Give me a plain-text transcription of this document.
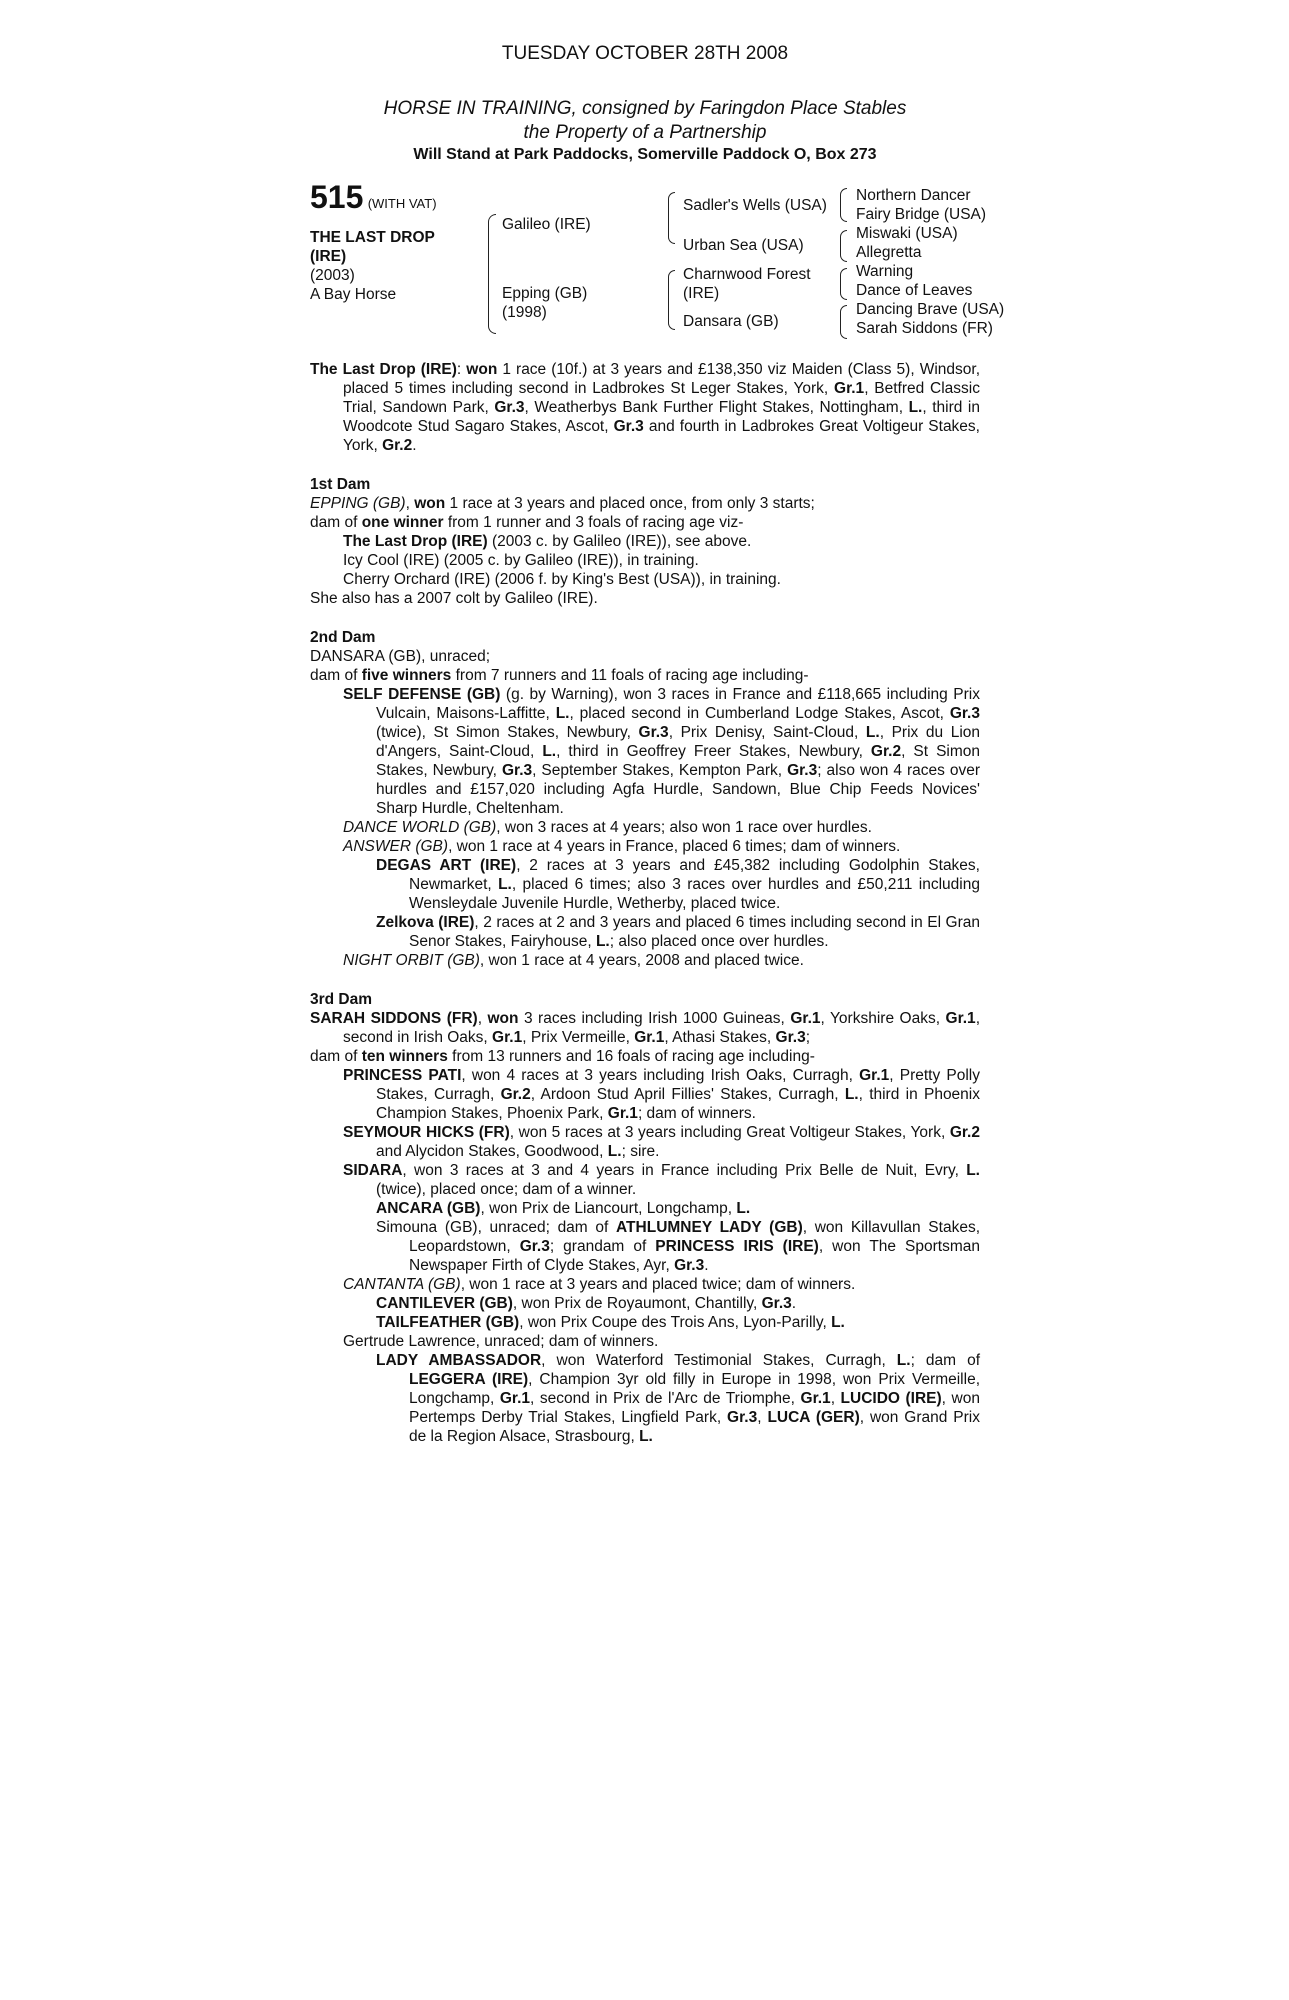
TUESDAY OCTOBER 28TH 2008
HORSE IN TRAINING, consigned by Faringdon Place Stables
the Property of a Partnership
Will Stand at Park Paddocks, Somerville Paddock O, Box 273
515 (WITH VAT)
THE LAST DROP
(IRE)
(2003)
A Bay Horse
Galileo (IRE)
Epping (GB)
(1998)
Sadler's Wells (USA)
Urban Sea (USA)
Charnwood Forest
(IRE)
Dansara (GB)
Northern Dancer
Fairy Bridge (USA)
Miswaki (USA)
Allegretta
Warning
Dance of Leaves
Dancing Brave (USA)
Sarah Siddons (FR)

The Last Drop (IRE): won 1 race (10f.) at 3 years and £138,350 viz Maiden (Class 5), Windsor, placed 5 times including second in Ladbrokes St Leger Stakes, York, Gr.1, Betfred Classic Trial, Sandown Park, Gr.3, Weatherbys Bank Further Flight Stakes, Nottingham, L., third in Woodcote Stud Sagaro Stakes, Ascot, Gr.3 and fourth in Ladbrokes Great Voltigeur Stakes, York, Gr.2.

1st Dam

EPPING (GB), won 1 race at 3 years and placed once, from only 3 starts;

dam of one winner from 1 runner and 3 foals of racing age viz-

The Last Drop (IRE) (2003 c. by Galileo (IRE)), see above.

Icy Cool (IRE) (2005 c. by Galileo (IRE)), in training.

Cherry Orchard (IRE) (2006 f. by King's Best (USA)), in training.

She also has a 2007 colt by Galileo (IRE).

2nd Dam

DANSARA (GB), unraced;

dam of five winners from 7 runners and 11 foals of racing age including-

SELF DEFENSE (GB) (g. by Warning), won 3 races in France and £118,665 including Prix Vulcain, Maisons-Laffitte, L., placed second in Cumberland Lodge Stakes, Ascot, Gr.3 (twice), St Simon Stakes, Newbury, Gr.3, Prix Denisy, Saint-Cloud, L., Prix du Lion d'Angers, Saint-Cloud, L., third in Geoffrey Freer Stakes, Newbury, Gr.2, St Simon Stakes, Newbury, Gr.3, September Stakes, Kempton Park, Gr.3; also won 4 races over hurdles and £157,020 including Agfa Hurdle, Sandown, Blue Chip Feeds Novices' Sharp Hurdle, Cheltenham.

DANCE WORLD (GB), won 3 races at 4 years; also won 1 race over hurdles.

ANSWER (GB), won 1 race at 4 years in France, placed 6 times; dam of winners.

DEGAS ART (IRE), 2 races at 3 years and £45,382 including Godolphin Stakes, Newmarket, L., placed 6 times; also 3 races over hurdles and £50,211 including Wensleydale Juvenile Hurdle, Wetherby, placed twice.

Zelkova (IRE), 2 races at 2 and 3 years and placed 6 times including second in El Gran Senor Stakes, Fairyhouse, L.; also placed once over hurdles.

NIGHT ORBIT (GB), won 1 race at 4 years, 2008 and placed twice.

3rd Dam

SARAH SIDDONS (FR), won 3 races including Irish 1000 Guineas, Gr.1, Yorkshire Oaks, Gr.1, second in Irish Oaks, Gr.1, Prix Vermeille, Gr.1, Athasi Stakes, Gr.3;

dam of ten winners from 13 runners and 16 foals of racing age including-

PRINCESS PATI, won 4 races at 3 years including Irish Oaks, Curragh, Gr.1, Pretty Polly Stakes, Curragh, Gr.2, Ardoon Stud April Fillies' Stakes, Curragh, L., third in Phoenix Champion Stakes, Phoenix Park, Gr.1; dam of winners.

SEYMOUR HICKS (FR), won 5 races at 3 years including Great Voltigeur Stakes, York, Gr.2 and Alycidon Stakes, Goodwood, L.; sire.

SIDARA, won 3 races at 3 and 4 years in France including Prix Belle de Nuit, Evry, L. (twice), placed once; dam of a winner.

ANCARA (GB), won Prix de Liancourt, Longchamp, L.

Simouna (GB), unraced; dam of ATHLUMNEY LADY (GB), won Killavullan Stakes, Leopardstown, Gr.3; grandam of PRINCESS IRIS (IRE), won The Sportsman Newspaper Firth of Clyde Stakes, Ayr, Gr.3.

CANTANTA (GB), won 1 race at 3 years and placed twice; dam of winners.

CANTILEVER (GB), won Prix de Royaumont, Chantilly, Gr.3.

TAILFEATHER (GB), won Prix Coupe des Trois Ans, Lyon-Parilly, L.

Gertrude Lawrence, unraced; dam of winners.

LADY AMBASSADOR, won Waterford Testimonial Stakes, Curragh, L.; dam of LEGGERA (IRE), Champion 3yr old filly in Europe in 1998, won Prix Vermeille, Longchamp, Gr.1, second in Prix de l'Arc de Triomphe, Gr.1, LUCIDO (IRE), won Pertemps Derby Trial Stakes, Lingfield Park, Gr.3, LUCA (GER), won Grand Prix de la Region Alsace, Strasbourg, L.
